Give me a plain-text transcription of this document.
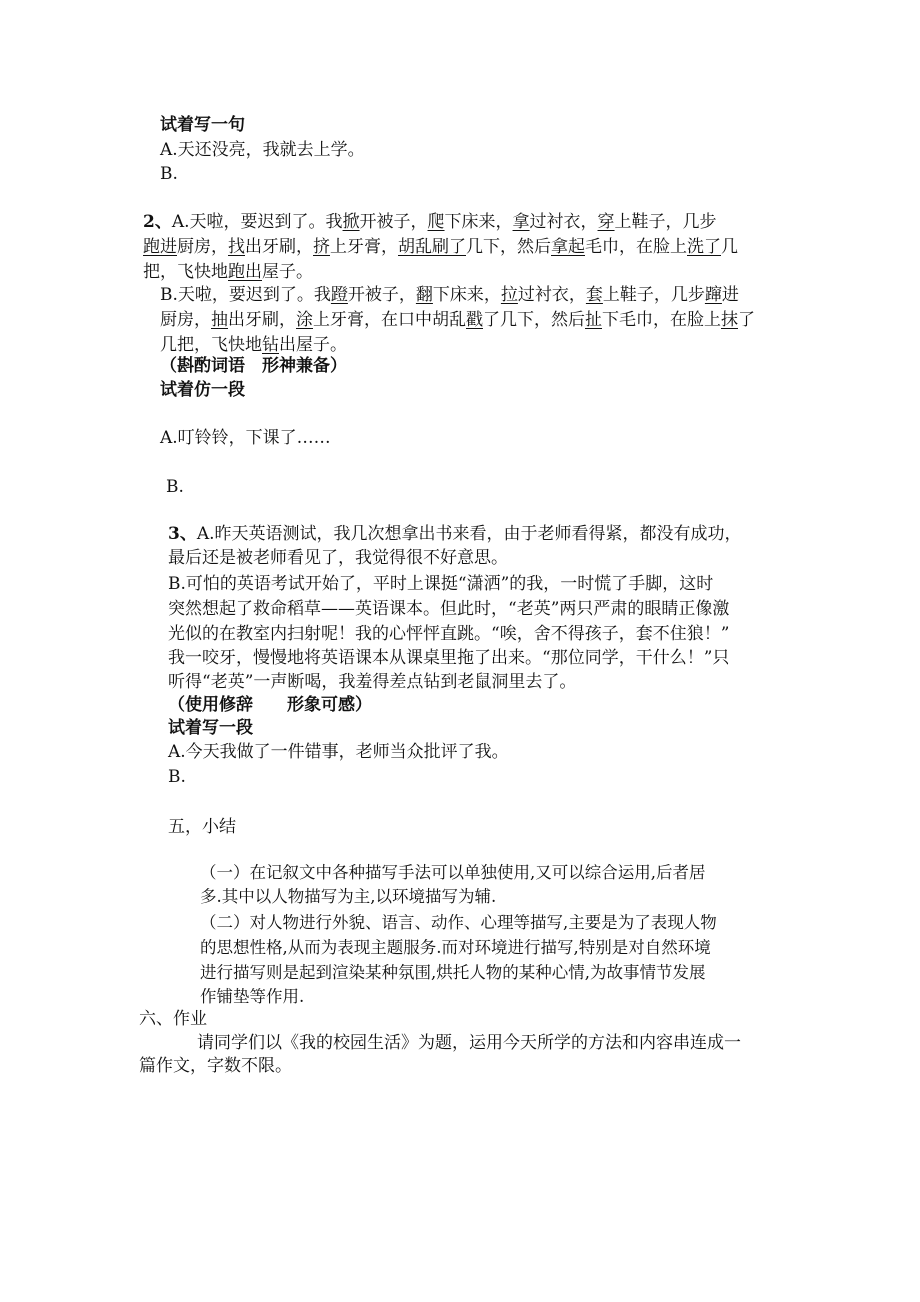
试着写一句

A.天还没亮，我就去上学。

B.

2、A.天啦，要迟到了。我掀开被子，爬下床来，拿过衬衣，穿上鞋子，几步
跑进厨房，找出牙刷，挤上牙膏，胡乱刷了几下，然后拿起毛巾，在脸上洗了几
把，飞快地跑出屋子。

B.天啦，要迟到了。我蹬开被子，翻下床来，拉过衬衣，套上鞋子，几步蹿进
厨房，抽出牙刷，涂上牙膏，在口中胡乱戳了几下，然后扯下毛巾，在脸上抹了
几把，飞快地钻出屋子。

（斟酌词语　形神兼备）

试着仿一段

A.叮铃铃，下课了……

B.

3、A.昨天英语测试，我几次想拿出书来看，由于老师看得紧，都没有成功，

最后还是被老师看见了，我觉得很不好意思。

B.可怕的英语考试开始了，平时上课挺“潇洒”的我，一时慌了手脚，这时

突然想起了救命稻草——英语课本。但此时，“老英”两只严肃的眼睛正像激

光似的在教室内扫射呢！我的心怦怦直跳。“唉，舍不得孩子，套不住狼！”

我一咬牙，慢慢地将英语课本从课桌里拖了出来。“那位同学，干什么！”只

听得“老英”一声断喝，我羞得差点钻到老鼠洞里去了。

（使用修辞　　形象可感）

试着写一段

A.今天我做了一件错事，老师当众批评了我。

B.

五，小结

（一）在记叙文中各种描写手法可以单独使用,又可以综合运用,后者居

多.其中以人物描写为主,以环境描写为辅.

（二）对人物进行外貌、语言、动作、心理等描写,主要是为了表现人物

的思想性格,从而为表现主题服务.而对环境进行描写,特别是对自然环境

进行描写则是起到渲染某种氛围,烘托人物的某种心情,为故事情节发展

作铺垫等作用.

六、作业

请同学们以《我的校园生活》为题，运用今天所学的方法和内容串连成一

篇作文，字数不限。
